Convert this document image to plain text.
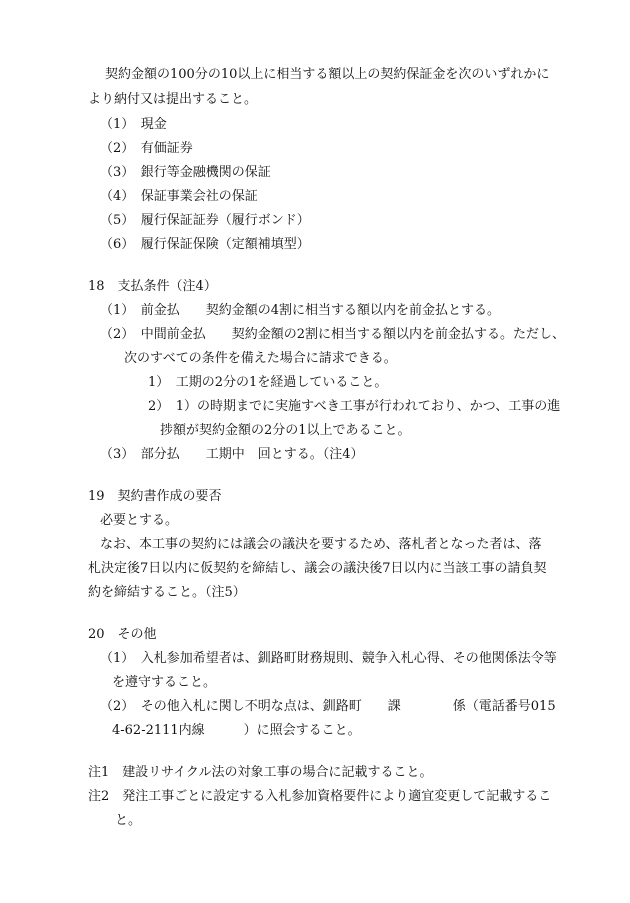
契約金額の100分の10以上に相当する額以上の契約保証金を次のいずれかに
より納付又は提出すること。
（1）　現金
（2）　有価証券
（3）　銀行等金融機関の保証
（4）　保証事業会社の保証
（5）　履行保証証券（履行ボンド）
（6）　履行保証保険（定額補填型）
18　支払条件（注4）
（1）　前金払　　契約金額の4割に相当する額以内を前金払とする。
（2）　中間前金払　　契約金額の2割に相当する額以内を前金払する。ただし、
次のすべての条件を備えた場合に請求できる。
1）　工期の2分の1を経過していること。
2）　1）の時期までに実施すべき工事が行われており、かつ、工事の進
捗額が契約金額の2分の1以上であること。
（3）　部分払　　工期中　回とする。（注4）
19　契約書作成の要否
必要とする。
なお、本工事の契約には議会の議決を要するため、落札者となった者は、落
札決定後7日以内に仮契約を締結し、議会の議決後7日以内に当該工事の請負契
約を締結すること。（注5）
20　その他
（1）　入札参加希望者は、釧路町財務規則、競争入札心得、その他関係法令等
を遵守すること。
（2）　その他入札に関し不明な点は、釧路町　　課　　　　係（電話番号015
4-62-2111内線　　　）に照会すること。
注1　建設リサイクル法の対象工事の場合に記載すること。
注2　発注工事ごとに設定する入札参加資格要件により適宜変更して記載するこ
と。
